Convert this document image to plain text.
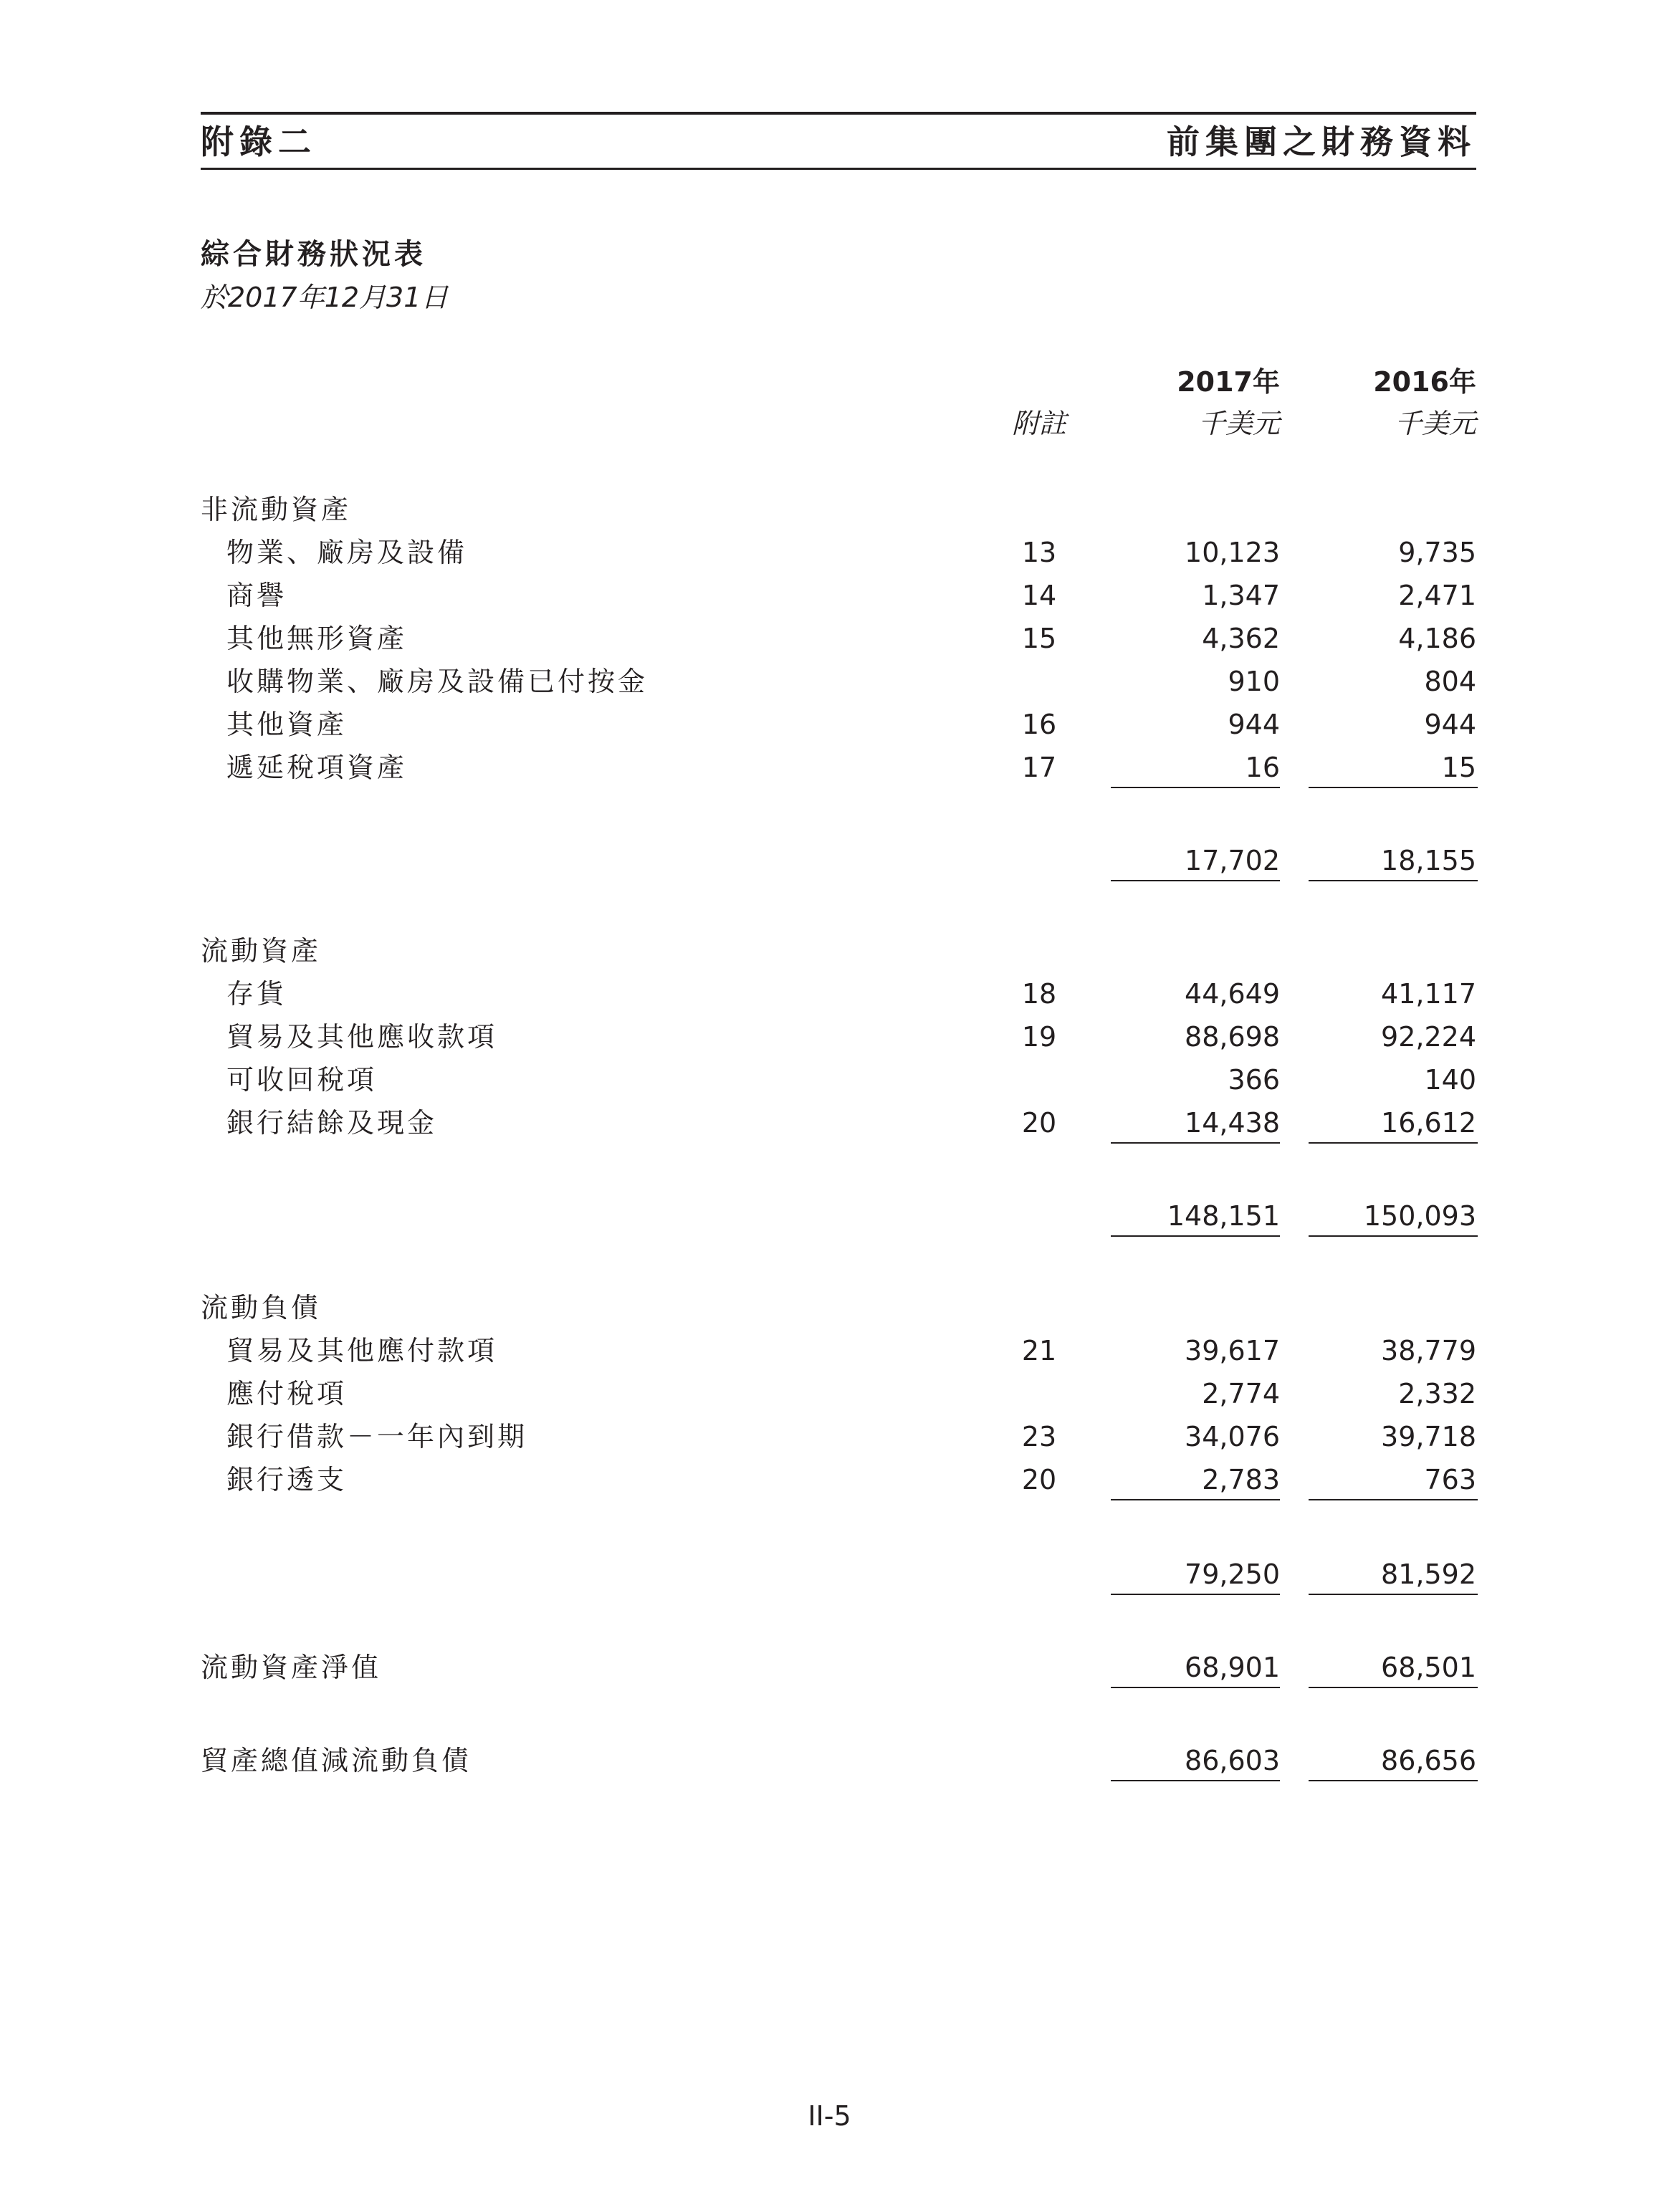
附錄二	前集團之財務資料
綜合財務狀況表
於2017年12月31日
2017年	2016年
附註	千美元	千美元
非流動資產
物業、廠房及設備	13	10,123	9,735
商譽	14	1,347	2,471
其他無形資產	15	4,362	4,186
收購物業、廠房及設備已付按金	910	804
其他資產	16	944	944
遞延稅項資產	17	16	15
17,702	18,155
流動資產
存貨	18	44,649	41,117
貿易及其他應收款項	19	88,698	92,224
可收回稅項	366	140
銀行結餘及現金	20	14,438	16,612
148,151	150,093
流動負債
貿易及其他應付款項	21	39,617	38,779
應付稅項	2,774	2,332
銀行借款－一年內到期	23	34,076	39,718
銀行透支	20	2,783	763
79,250	81,592
流動資產淨值	68,901	68,501
貿產總值減流動負債	86,603	86,656
II-5
